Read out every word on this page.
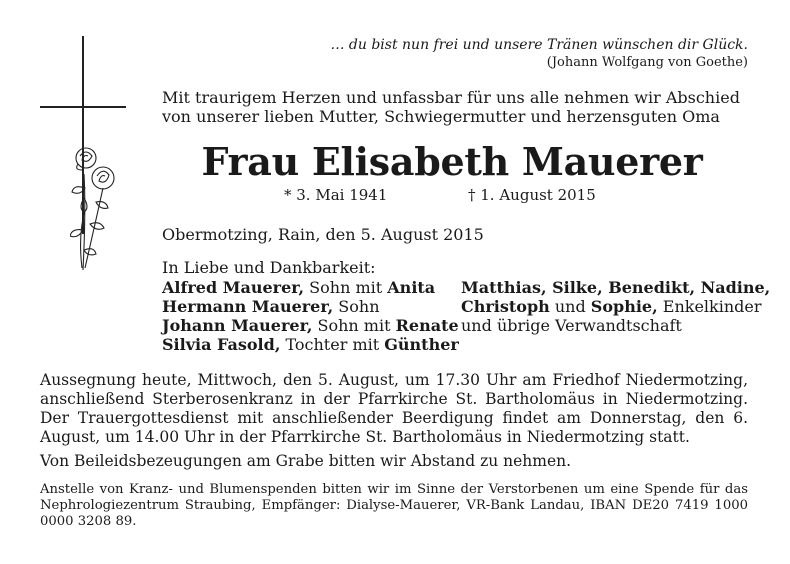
… du bist nun frei und unsere Tränen wünschen dir Glück.
(Johann Wolfgang von Goethe)
Mit traurigem Herzen und unfassbar für uns alle nehmen wir Abschied
von unserer lieben Mutter, Schwiegermutter und herzensguten Oma
Frau Elisabeth Mauerer
* 3. Mai 1941	† 1. August 2015
Obermotzing, Rain, den 5. August 2015
In Liebe und Dankbarkeit:
Alfred Mauerer, Sohn mit Anita
Hermann Mauerer, Sohn
Johann Mauerer, Sohn mit Renate
Silvia Fasold, Tochter mit Günther
Matthias, Silke, Benedikt, Nadine,
Christoph und Sophie, Enkelkinder
und übrige Verwandtschaft
Aussegnung heute, Mittwoch, den 5. August, um 17.30 Uhr am Friedhof Niedermotzing, anschließend Sterberosenkranz in der Pfarrkirche St. Bartholomäus in Niedermotzing. Der Trauergottesdienst mit anschließender Beerdigung findet am Donnerstag, den 6. August, um 14.00 Uhr in der Pfarrkirche St. Bartholomäus in Niedermotzing statt.
Von Beileidsbezeugungen am Grabe bitten wir Abstand zu nehmen.
Anstelle von Kranz- und Blumenspenden bitten wir im Sinne der Verstorbenen um eine Spende für das Nephrologiezentrum Straubing, Empfänger: Dialyse-Mauerer, VR-Bank Landau, IBAN DE20 7419 1000 0000 3208 89.
